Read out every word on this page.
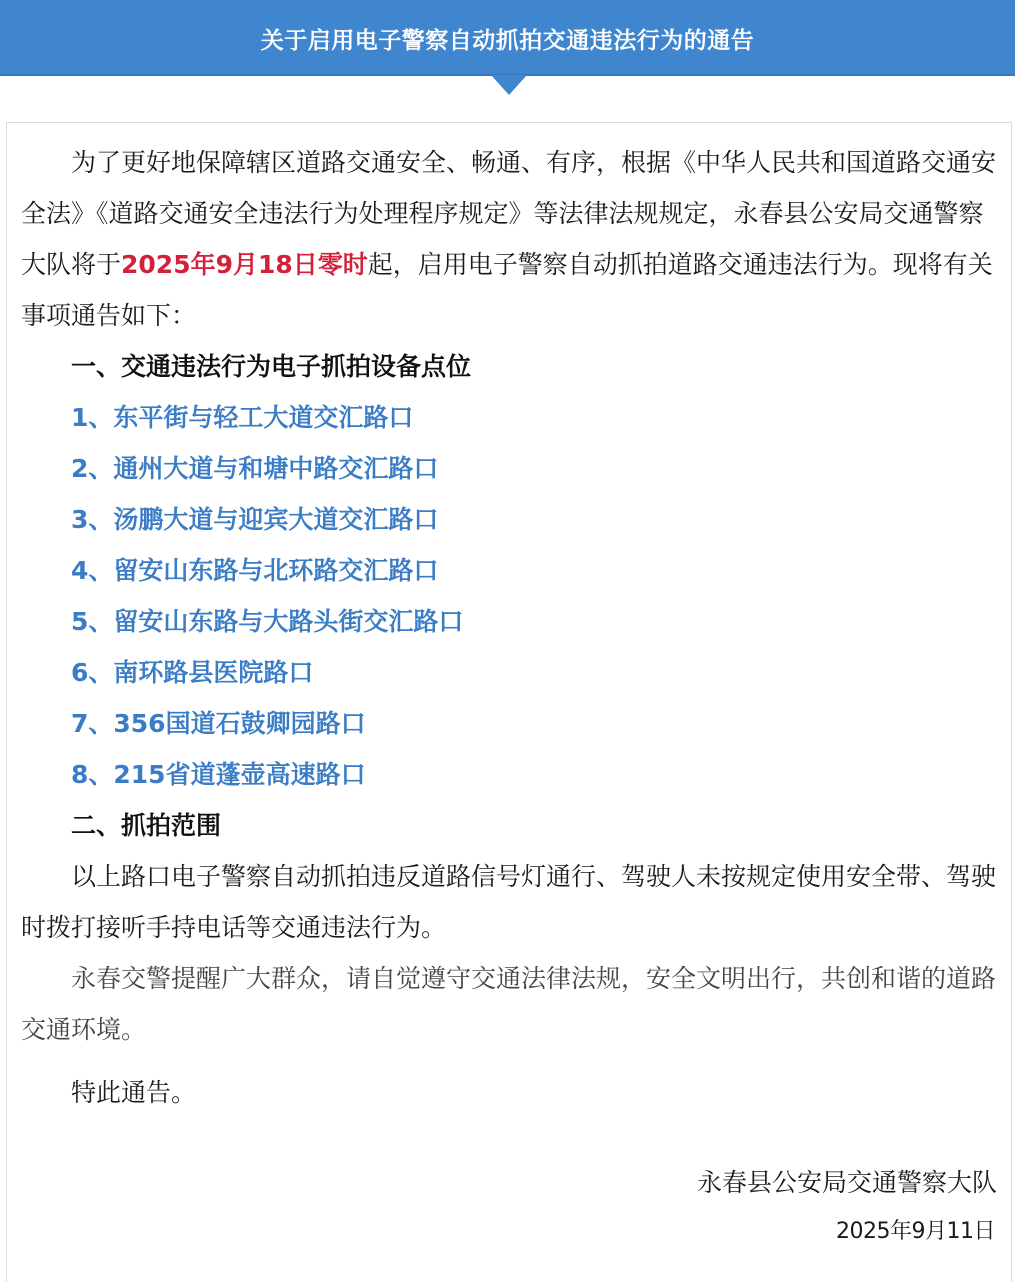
关于启用电子警察自动抓拍交通违法行为的通告

为了更好地保障辖区道路交通安全、畅通、有序，根据《中华人民共和国道路交通安全法》《道路交通安全违法行为处理程序规定》等法律法规规定，永春县公安局交通警察大队将于2025年9月18日零时起，启用电子警察自动抓拍道路交通违法行为。现将有关事项通告如下：

一、交通违法行为电子抓拍设备点位

1、东平街与轻工大道交汇路口

2、通州大道与和塘中路交汇路口

3、汤鹏大道与迎宾大道交汇路口

4、留安山东路与北环路交汇路口

5、留安山东路与大路头街交汇路口

6、南环路县医院路口

7、356国道石鼓卿园路口

8、215省道蓬壶高速路口

二、抓拍范围

以上路口电子警察自动抓拍违反道路信号灯通行、驾驶人未按规定使用安全带、驾驶时拨打接听手持电话等交通违法行为。

永春交警提醒广大群众，请自觉遵守交通法律法规，安全文明出行，共创和谐的道路交通环境。

特此通告。

永春县公安局交通警察大队
2025年9月11日
